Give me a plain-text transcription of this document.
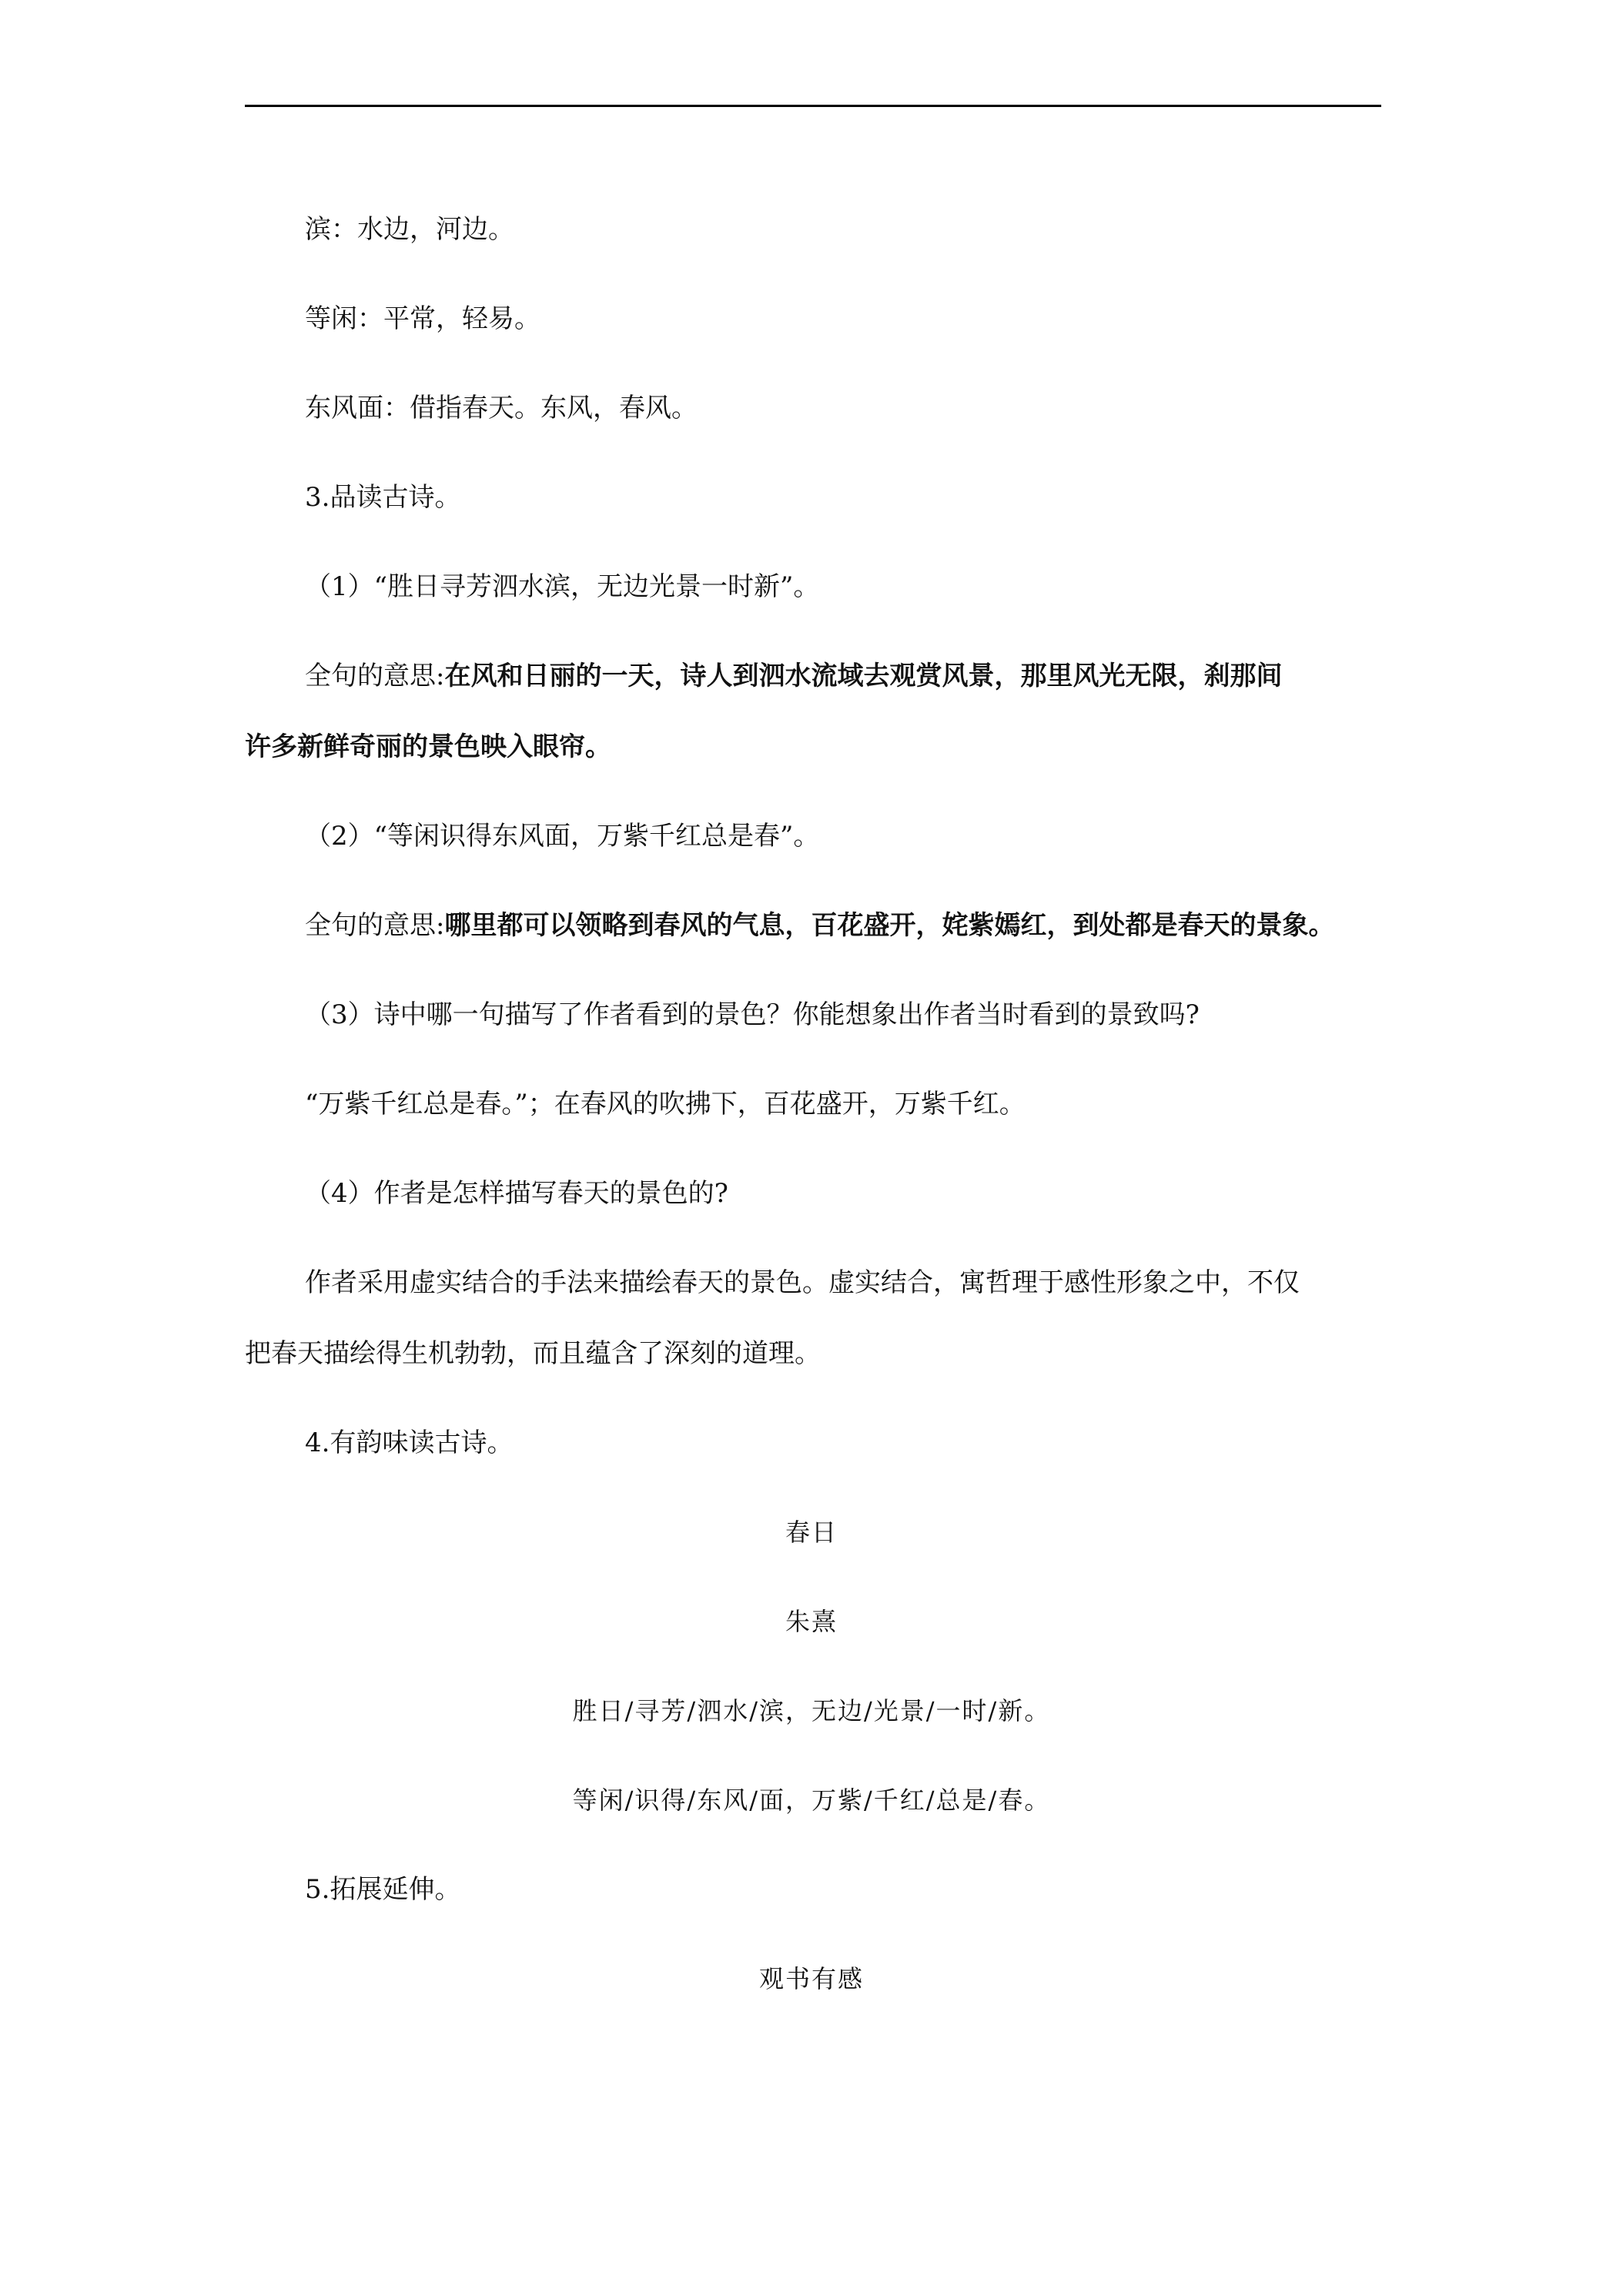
滨：水边，河边。
等闲：平常，轻易。
东风面：借指春天。东风，春风。
3.品读古诗。
（1）“胜日寻芳泗水滨，无边光景一时新”。
全句的意思:在风和日丽的一天，诗人到泗水流域去观赏风景，那里风光无限，刹那间
许多新鲜奇丽的景色映入眼帘。
（2）“等闲识得东风面，万紫千红总是春”。
全句的意思:哪里都可以领略到春风的气息，百花盛开，姹紫嫣红，到处都是春天的景象。
（3）诗中哪一句描写了作者看到的景色？你能想象出作者当时看到的景致吗?
“万紫千红总是春。”；在春风的吹拂下，百花盛开，万紫千红。
（4）作者是怎样描写春天的景色的?
作者采用虚实结合的手法来描绘春天的景色。虚实结合，寓哲理于感性形象之中，不仅
把春天描绘得生机勃勃，而且蕴含了深刻的道理。
4.有韵味读古诗。
春日
朱熹
胜日/寻芳/泗水/滨，无边/光景/一时/新。
等闲/识得/东风/面，万紫/千红/总是/春。
5.拓展延伸。
观书有感
